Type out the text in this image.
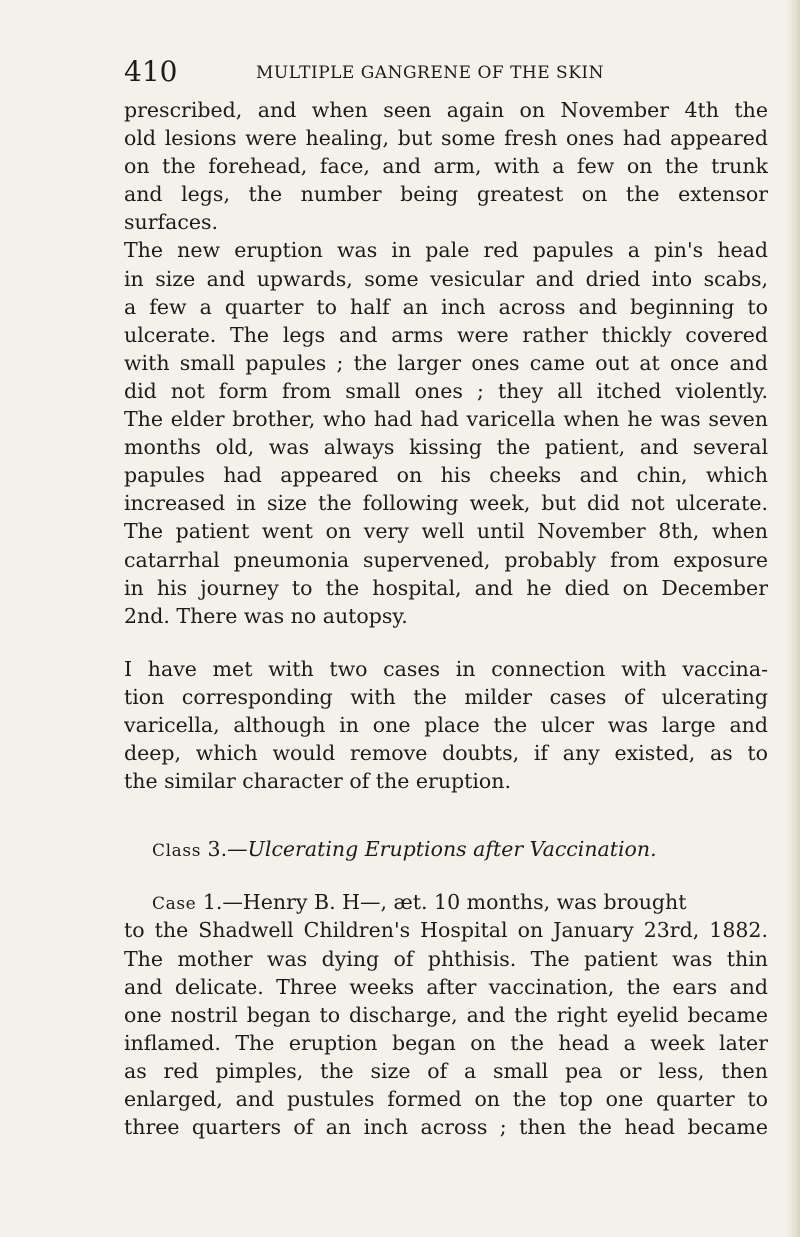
410	MULTIPLE GANGRENE OF THE SKIN
prescribed, and when seen again on November 4th the
old lesions were healing, but some fresh ones had appeared
on the forehead, face, and arm, with a few on the trunk
and legs, the number being greatest on the extensor
surfaces.
The new eruption was in pale red papules a pin's head
in size and upwards, some vesicular and dried into scabs,
a few a quarter to half an inch across and beginning to
ulcerate. The legs and arms were rather thickly covered
with small papules ; the larger ones came out at once and
did not form from small ones ; they all itched violently.
The elder brother, who had had varicella when he was seven
months old, was always kissing the patient, and several
papules had appeared on his cheeks and chin, which
increased in size the following week, but did not ulcerate.
The patient went on very well until November 8th, when
catarrhal pneumonia supervened, probably from exposure
in his journey to the hospital, and he died on December
2nd. There was no autopsy.
I have met with two cases in connection with vaccina-
tion corresponding with the milder cases of ulcerating
varicella, although in one place the ulcer was large and
deep, which would remove doubts, if any existed, as to
the similar character of the eruption.
Class 3.—Ulcerating Eruptions after Vaccination.
Case 1.—Henry B. H—, æt. 10 months, was brought
to the Shadwell Children's Hospital on January 23rd, 1882.
The mother was dying of phthisis. The patient was thin
and delicate. Three weeks after vaccination, the ears and
one nostril began to discharge, and the right eyelid became
inflamed. The eruption began on the head a week later
as red pimples, the size of a small pea or less, then
enlarged, and pustules formed on the top one quarter to
three quarters of an inch across ; then the head became
